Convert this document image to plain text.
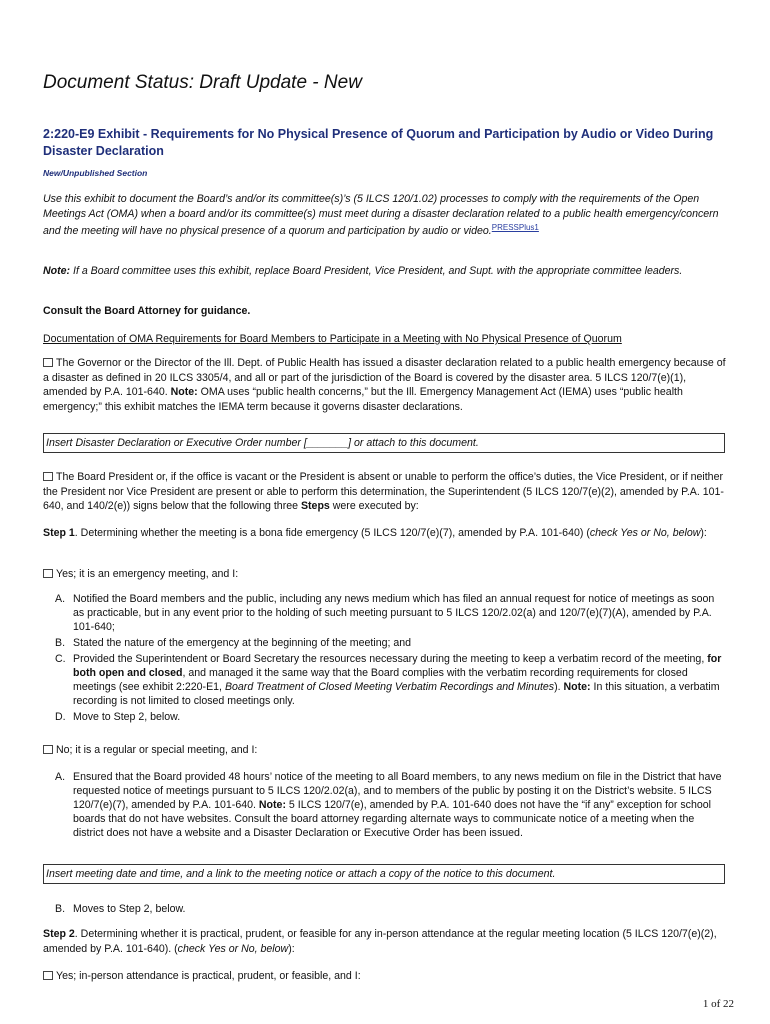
Document Status: Draft Update - New
2:220-E9 Exhibit - Requirements for No Physical Presence of Quorum and Participation by Audio or Video During Disaster Declaration
New/Unpublished Section
Use this exhibit to document the Board’s and/or its committee(s)’s (5 ILCS 120/1.02) processes to comply with the requirements of the Open Meetings Act (OMA) when a board and/or its committee(s) must meet during a disaster declaration related to a public health emergency/concern and the meeting will have no physical presence of a quorum and participation by audio or video.$^{PRESSPlus1}$
Note: If a Board committee uses this exhibit, replace Board President, Vice President, and Supt. with the appropriate committee leaders.
Consult the Board Attorney for guidance.
Documentation of OMA Requirements for Board Members to Participate in a Meeting with No Physical Presence of Quorum
The Governor or the Director of the Ill. Dept. of Public Health has issued a disaster declaration related to a public health emergency because of a disaster as defined in 20 ILCS 3305/4, and all or part of the jurisdiction of the Board is covered by the disaster area. 5 ILCS 120/7(e)(1), amended by P.A. 101-640. Note: OMA uses “public health concerns,” but the Ill. Emergency Management Act (IEMA) uses “public health emergency;” this exhibit matches the IEMA term because it governs disaster declarations.
Insert Disaster Declaration or Executive Order number [_______] or attach to this document.
The Board President or, if the office is vacant or the President is absent or unable to perform the office’s duties, the Vice President, or if neither the President nor Vice President are present or able to perform this determination, the Superintendent (5 ILCS 120/7(e)(2), amended by P.A. 101-640, and 140/2(e)) signs below that the following three Steps were executed by:
Step 1. Determining whether the meeting is a bona fide emergency (5 ILCS 120/7(e)(7), amended by P.A. 101-640) (check Yes or No, below):
Yes; it is an emergency meeting, and I:
A. Notified the Board members and the public, including any news medium which has filed an annual request for notice of meetings as soon as practicable, but in any event prior to the holding of such meeting pursuant to 5 ILCS 120/2.02(a) and 120/7(e)(7)(A), amended by P.A. 101-640;
B. Stated the nature of the emergency at the beginning of the meeting; and
C. Provided the Superintendent or Board Secretary the resources necessary during the meeting to keep a verbatim record of the meeting, for both open and closed, and managed it the same way that the Board complies with the verbatim recording requirements for closed meetings (see exhibit 2:220-E1, Board Treatment of Closed Meeting Verbatim Recordings and Minutes). Note: In this situation, a verbatim recording is not limited to closed meetings only.
D. Move to Step 2, below.
No; it is a regular or special meeting, and I:
A. Ensured that the Board provided 48 hours’ notice of the meeting to all Board members, to any news medium on file in the District that have requested notice of meetings pursuant to 5 ILCS 120/2.02(a), and to members of the public by posting it on the District’s website. 5 ILCS 120/7(e)(7), amended by P.A. 101-640. Note: 5 ILCS 120/7(e), amended by P.A. 101-640 does not have the “if any” exception for school boards that do not have websites. Consult the board attorney regarding alternate ways to communicate notice of a meeting when the district does not have a website and a Disaster Declaration or Executive Order has been issued.
Insert meeting date and time, and a link to the meeting notice or attach a copy of the notice to this document.
B. Moves to Step 2, below.
Step 2. Determining whether it is practical, prudent, or feasible for any in-person attendance at the regular meeting location (5 ILCS 120/7(e)(2), amended by P.A. 101-640). (check Yes or No, below):
Yes; in-person attendance is practical, prudent, or feasible, and I:
1 of 22
